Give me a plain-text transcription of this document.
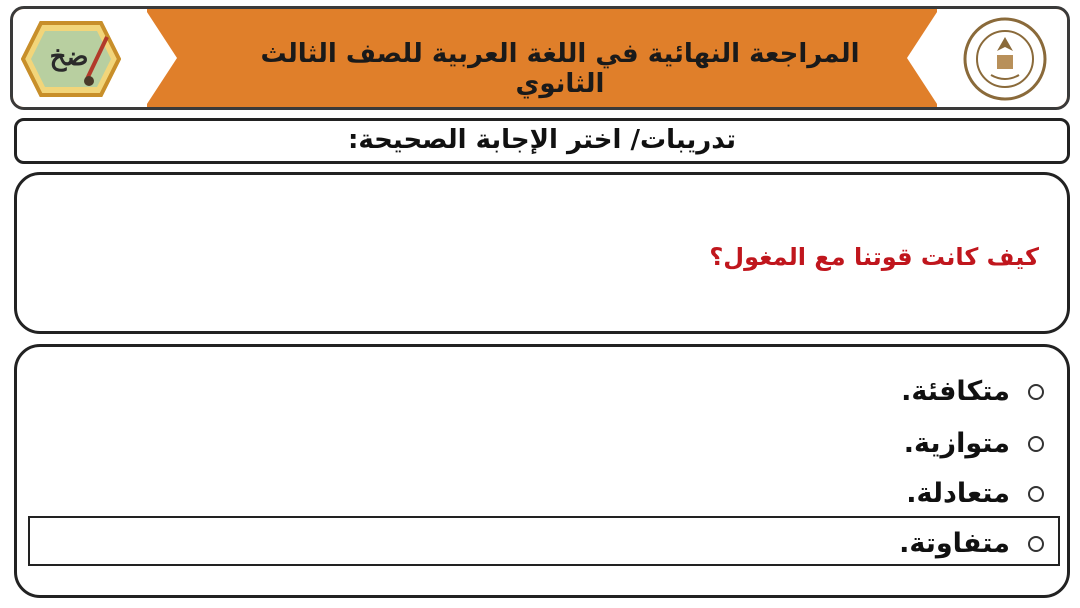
ضخ	المراجعة النهائية في اللغة العربية للصف الثالث الثانوي
تدريبات/ اختر الإجابة الصحيحة:
كيف كانت قوتنا مع المغول؟
متكافئة.
متوازية.
متعادلة.
متفاوتة.
